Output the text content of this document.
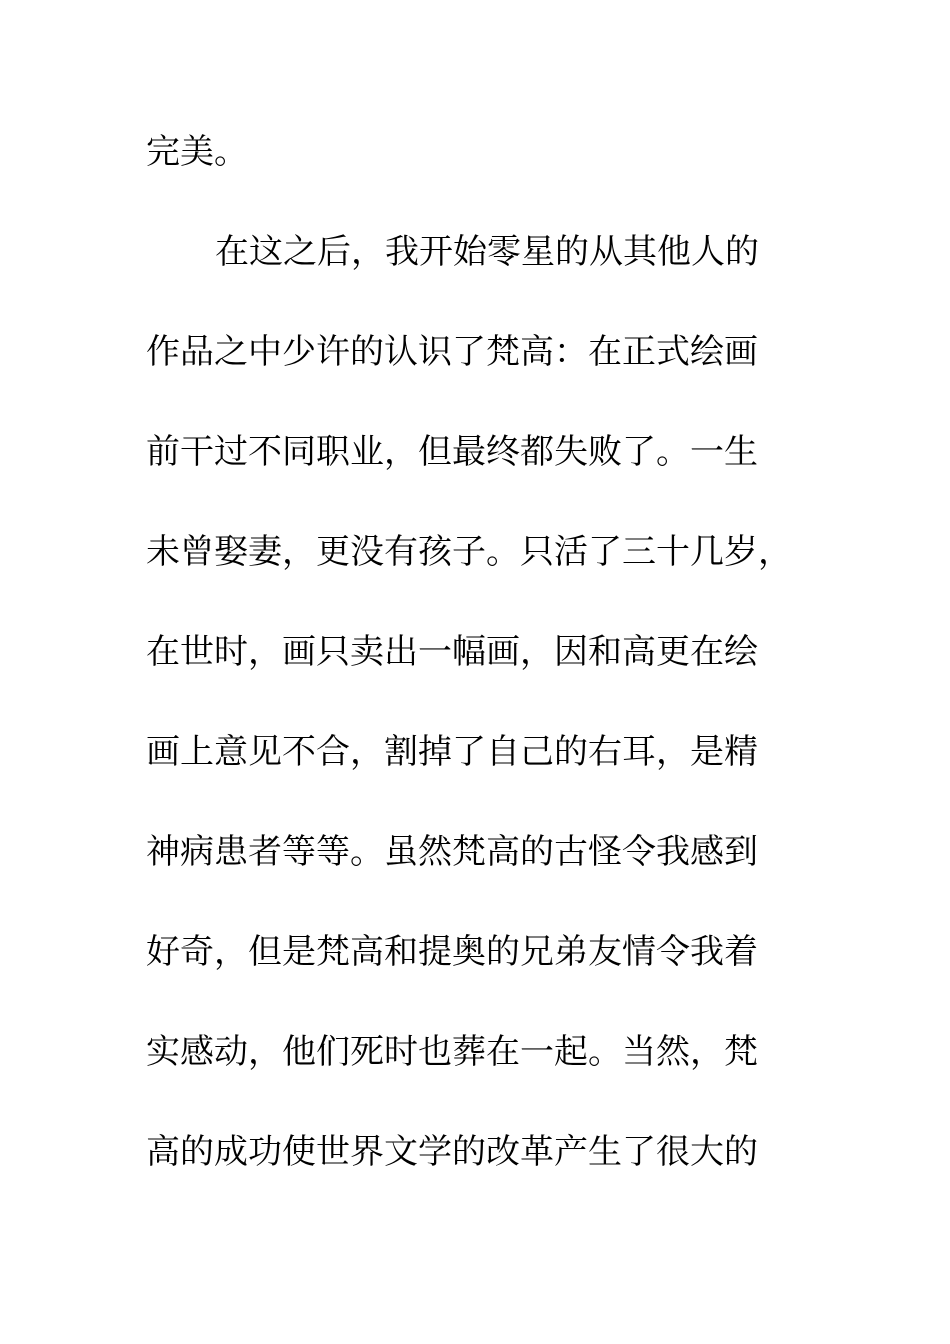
完美。
在这之后，我开始零星的从其他人的
作品之中少许的认识了梵高：在正式绘画
前干过不同职业，但最终都失败了。一生
未曾娶妻，更没有孩子。只活了三十几岁，
在世时，画只卖出一幅画，因和高更在绘
画上意见不合，割掉了自己的右耳，是精
神病患者等等。虽然梵高的古怪令我感到
好奇，但是梵高和提奥的兄弟友情令我着
实感动，他们死时也葬在一起。当然，梵
高的成功使世界文学的改革产生了很大的
